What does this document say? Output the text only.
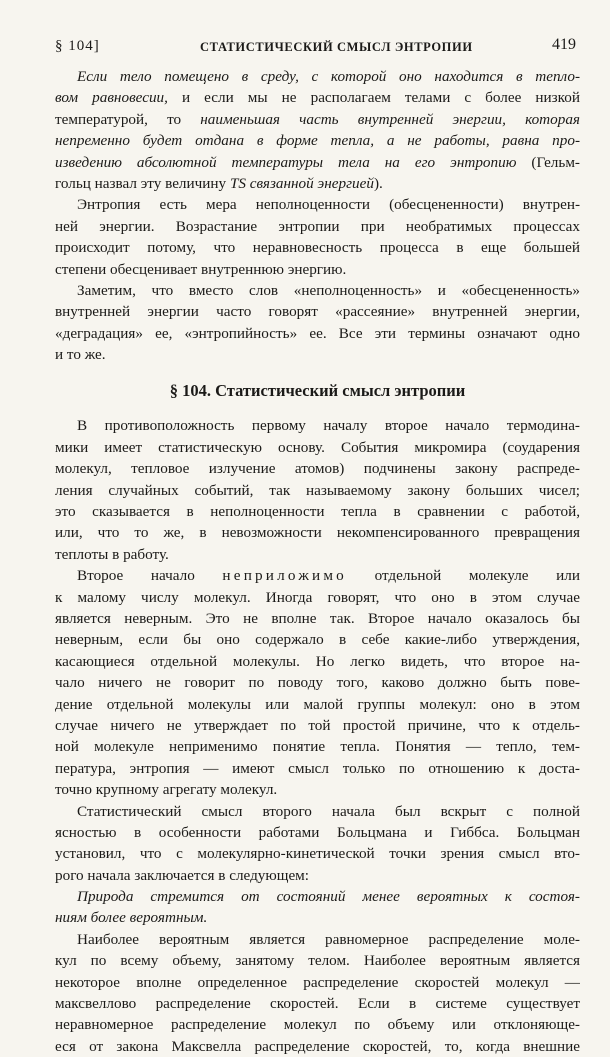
§ 104]	СТАТИСТИЧЕСКИЙ СМЫСЛ ЭНТРОПИИ	419
Если тело помещено в среду, с которой оно находится в тепло-
вом равновесии, и если мы не располагаем телами с более низкой
температурой, то наименьшая часть внутренней энергии, которая
непременно будет отдана в форме тепла, а не работы, равна про-
изведению абсолютной температуры тела на его энтропию (Гельм-
гольц назвал эту величину TS связанной энергией).
Энтропия есть мера неполноценности (обесцененности) внутрен-
ней энергии. Возрастание энтропии при необратимых процессах
происходит потому, что неравновесность процесса в еще большей
степени обесценивает внутреннюю энергию.
Заметим, что вместо слов «неполноценность» и «обесцененность»
внутренней энергии часто говорят «рассеяние» внутренней энергии,
«деградация» ее, «энтропийность» ее. Все эти термины означают одно
и то же.
§ 104. Статистический смысл энтропии
В противоположность первому началу второе начало термодина-
мики имеет статистическую основу. События микромира (соударения
молекул, тепловое излучение атомов) подчинены закону распреде-
ления случайных событий, так называемому закону больших чисел;
это сказывается в неполноценности тепла в сравнении с работой,
или, что то же, в невозможности некомпенсированного превращения
теплоты в работу.
Второе начало неприложимо отдельной молекуле или
к малому числу молекул. Иногда говорят, что оно в этом случае
является неверным. Это не вполне так. Второе начало оказалось бы
неверным, если бы оно содержало в себе какие-либо утверждения,
касающиеся отдельной молекулы. Но легко видеть, что второе на-
чало ничего не говорит по поводу того, каково должно быть пове-
дение отдельной молекулы или малой группы молекул: оно в этом
случае ничего не утверждает по той простой причине, что к отдель-
ной молекуле неприменимо понятие тепла. Понятия — тепло, тем-
пература, энтропия — имеют смысл только по отношению к доста-
точно крупному агрегату молекул.
Статистический смысл второго начала был вскрыт с полной
ясностью в особенности работами Больцмана и Гиббса. Больцман
установил, что с молекулярно-кинетической точки зрения смысл вто-
рого начала заключается в следующем:
Природа стремится от состояний менее вероятных к состоя-
ниям более вероятным.
Наиболее вероятным является равномерное распределение моле-
кул по всему объему, занятому телом. Наиболее вероятным является
некоторое вполне определенное распределение скоростей молекул —
максвеллово распределение скоростей. Если в системе существует
неравномерное распределение молекул по объему или отклоняюще-
еся от закона Максвелла распределение скоростей, то, когда внешние
